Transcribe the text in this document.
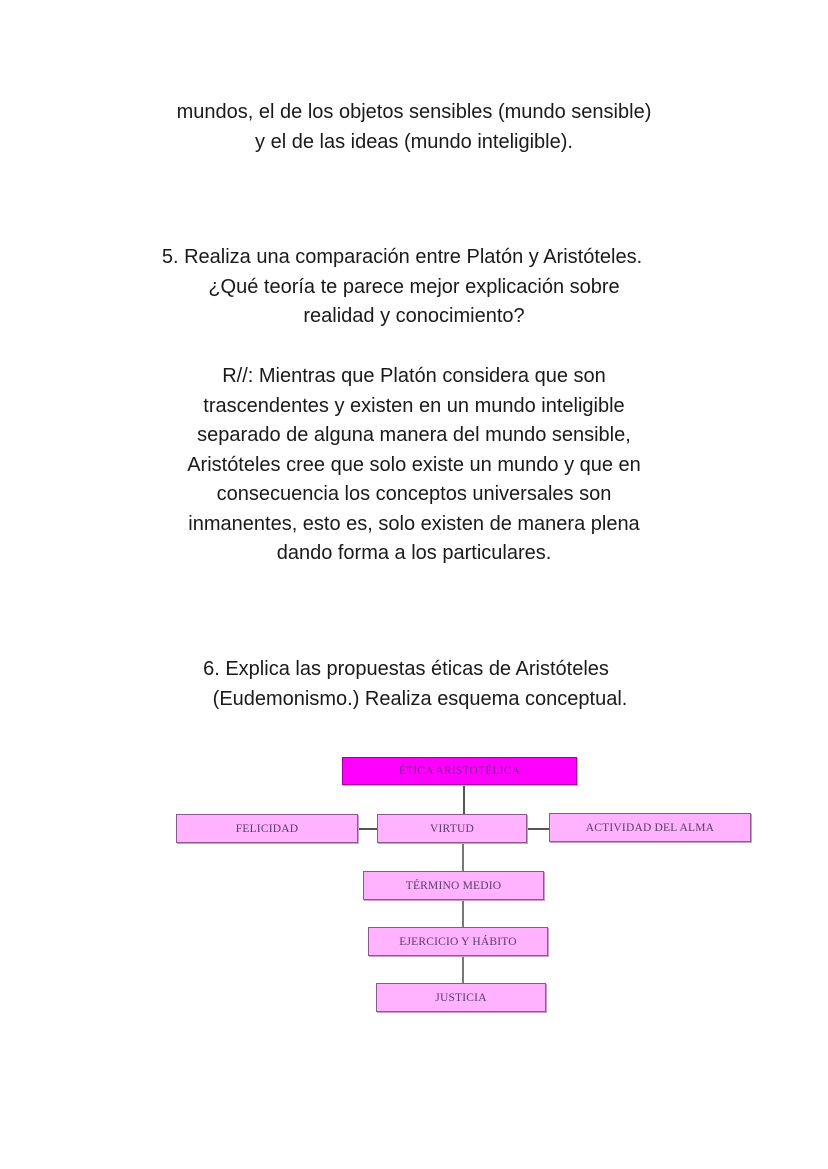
mundos, el de los objetos sensibles (mundo sensible)
y el de las ideas (mundo inteligible).
5. Realiza una comparación entre Platón y Aristóteles.
¿Qué teoría te parece mejor explicación sobre
realidad y conocimiento?
R//: Mientras que Platón considera que son
trascendentes y existen en un mundo inteligible
separado de alguna manera del mundo sensible,
Aristóteles cree que solo existe un mundo y que en
consecuencia los conceptos universales son
inmanentes, esto es, solo existen de manera plena
dando forma a los particulares.
6. Explica las propuestas éticas de Aristóteles
(Eudemonismo.) Realiza esquema conceptual.
ÉTICA ARISTOTÉLICA
FELICIDAD	VIRTUD	ACTIVIDAD DEL ALMA
TÉRMINO MEDIO
EJERCICIO Y HÁBITO
JUSTICIA
